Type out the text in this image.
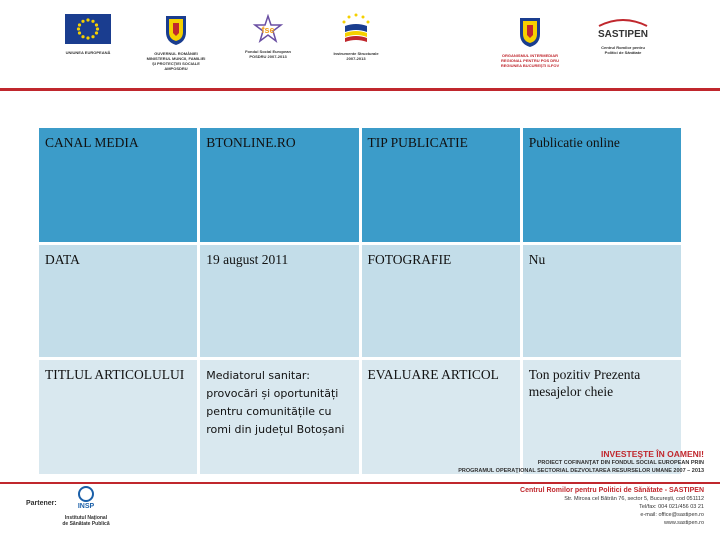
UNIUNEA EUROPEANĂ	GUVERNUL ROMÂNIEI
MINISTERUL MUNCII, FAMILIEI
ŞI PROTECŢIEI SOCIALE
AMPOSDRU
fse
Fondul Social European
POSDRU 2007-2013
Instrumente Structurale
2007-2013
ORGANISMUL INTERMEDIAR
REGIONAL PENTRU POS DRU
REGIUNEA BUCUREŞTI ILFOV
SASTIPEN
Centrul Romilor pentru
Politici de Sănătate
CANAL MEDIA	BTONLINE.RO	TIP PUBLICATIE	Publicatie online
DATA	19 august 2011	FOTOGRAFIE	Nu
TITLUL ARTICOLULUI	Mediatorul sanitar: provocări și oportunități pentru comunitățile cu romi din județul Botoșani	EVALUARE ARTICOL	Ton pozitiv Prezenta mesajelor cheie
INVESTEŞTE ÎN OAMENI!
PROIECT COFINANŢAT DIN FONDUL SOCIAL EUROPEAN PRIN
PROGRAMUL OPERAŢIONAL SECTORIAL DEZVOLTAREA RESURSELOR UMANE 2007 – 2013
Partener:	INSP
Institutul Naţional
de Sănătate Publică
Centrul Romilor pentru Politici de Sănătate - SASTIPEN
Str. Mircea cel Bătrân 76, sector 5, Bucureşti, cod 051112
Tel/fax: 004 021/456 03 21
e-mail: office@sastipen.ro
www.sastipen.ro
